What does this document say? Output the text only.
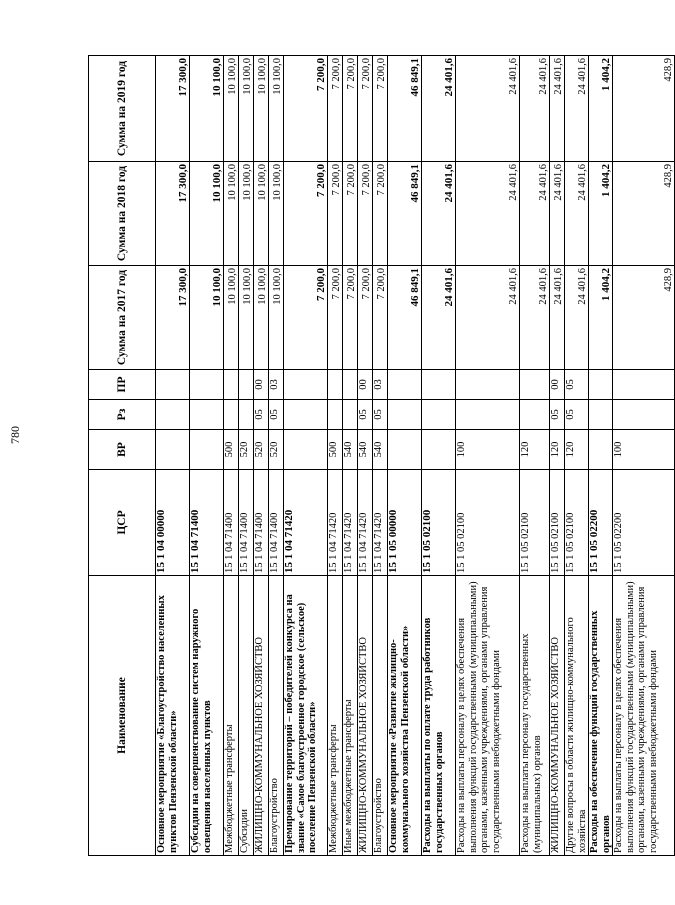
780
Наименование	ЦСР	ВР	Рз	ПР	Сумма на 2017 год	Сумма на 2018 год	Сумма на 2019 год
Основное мероприятие «Благоустройство населенных пунктов Пензенской области»	15 1 04 00000				17 300,0	17 300,0	17 300,0
Субсидии на совершенствование систем наружного освещения населенных пунктов	15 1 04 71400				10 100,0	10 100,0	10 100,0
Межбюджетные трансферты	15 1 04 71400	500			10 100,0	10 100,0	10 100,0
Субсидии	15 1 04 71400	520			10 100,0	10 100,0	10 100,0
ЖИЛИЩНО-КОММУНАЛЬНОЕ ХОЗЯЙСТВО	15 1 04 71400	520	05	00	10 100,0	10 100,0	10 100,0
Благоустройство	15 1 04 71400	520	05	03	10 100,0	10 100,0	10 100,0
Премирование территорий – победителей конкурса на звание «Самое благоустроенное городское (сельское) поселение Пензенской области»	15 1 04 71420				7 200,0	7 200,0	7 200,0
Межбюджетные трансферты	15 1 04 71420	500			7 200,0	7 200,0	7 200,0
Иные межбюджетные трансферты	15 1 04 71420	540			7 200,0	7 200,0	7 200,0
ЖИЛИЩНО-КОММУНАЛЬНОЕ ХОЗЯЙСТВО	15 1 04 71420	540	05	00	7 200,0	7 200,0	7 200,0
Благоустройство	15 1 04 71420	540	05	03	7 200,0	7 200,0	7 200,0
Основное мероприятие «Развитие жилищно-коммунального хозяйства Пензенской области»	15 1 05 00000				46 849,1	46 849,1	46 849,1
Расходы на выплаты по оплате труда работников государственных органов	15 1 05 02100				24 401,6	24 401,6	24 401,6
Расходы на выплаты персоналу в целях обеспечения выполнения функций государственными (муниципальными) органами, казенными учреждениями, органами управления государственными внебюджетными фондами	15 1 05 02100	100			24 401,6	24 401,6	24 401,6
Расходы на выплаты персоналу государственных (муниципальных) органов	15 1 05 02100	120			24 401,6	24 401,6	24 401,6
ЖИЛИЩНО-КОММУНАЛЬНОЕ ХОЗЯЙСТВО	15 1 05 02100	120	05	00	24 401,6	24 401,6	24 401,6
Другие вопросы в области жилищно-коммунального хозяйства	15 1 05 02100	120	05	05	24 401,6	24 401,6	24 401,6
Расходы на обеспечение функций государственных органов	15 1 05 02200				1 404,2	1 404,2	1 404,2
Расходы на выплаты персоналу в целях обеспечения выполнения функций государственными (муниципальными) органами, казенными учреждениями, органами управления государственными внебюджетными фондами	15 1 05 02200	100			428,9	428,9	428,9
